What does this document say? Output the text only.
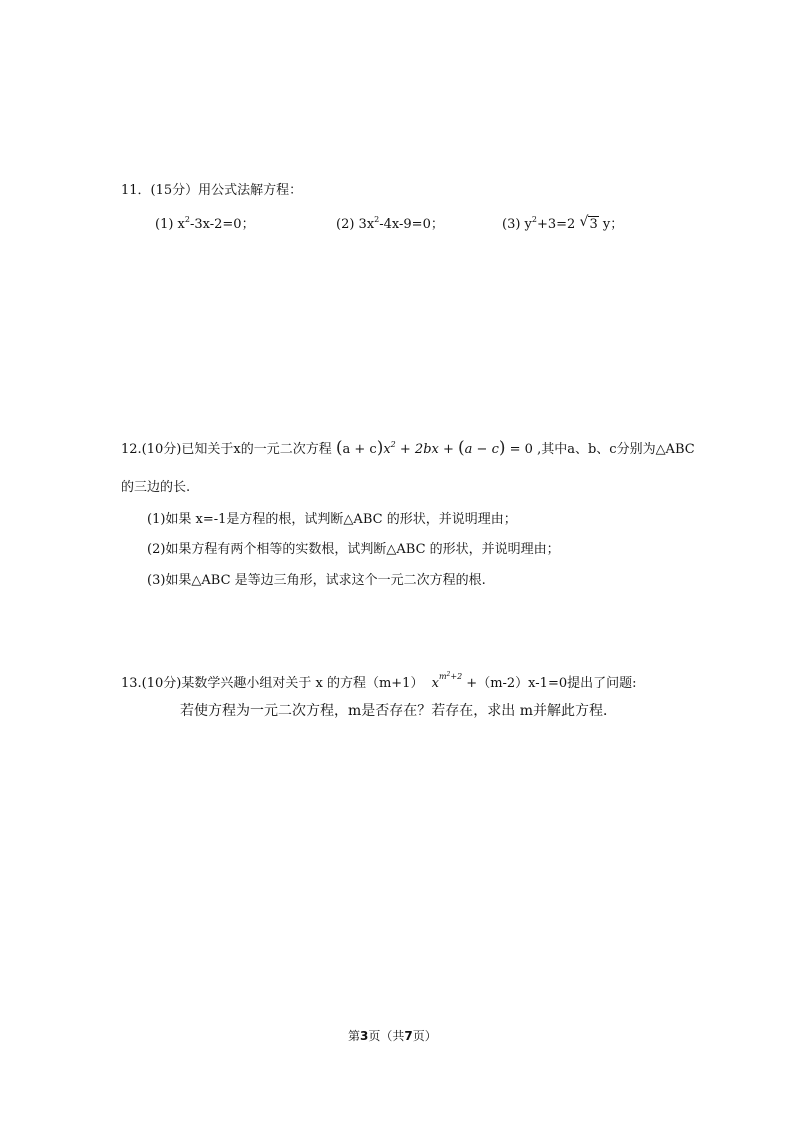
11．(15分）用公式法解方程：
(1) $x^2-3x-2=0$；	(2) $3x^2-4x-9=0$；	(3) $y^2+3=2$ √ 3 y；
12.(10分)已知关于x的一元二次方程 $(a + c)x^2 + 2bx + (a - c) = 0$ ,其中a、b、c分别为△ABC
的三边的长.
(1)如果 x=-1是方程的根，试判断△ABC 的形状，并说明理由；
(2)如果方程有两个相等的实数根，试判断△ABC 的形状，并说明理由；
(3)如果△ABC 是等边三角形，试求这个一元二次方程的根.
13.(10分)某数学兴趣小组对关于 x 的方程（m+1） $x^{m^2+2} +(m-2)x-1=0$提出了问题:
若使方程为一元二次方程，m是否存在？若存在，求出 m并解此方程．
第3页（共7页）
